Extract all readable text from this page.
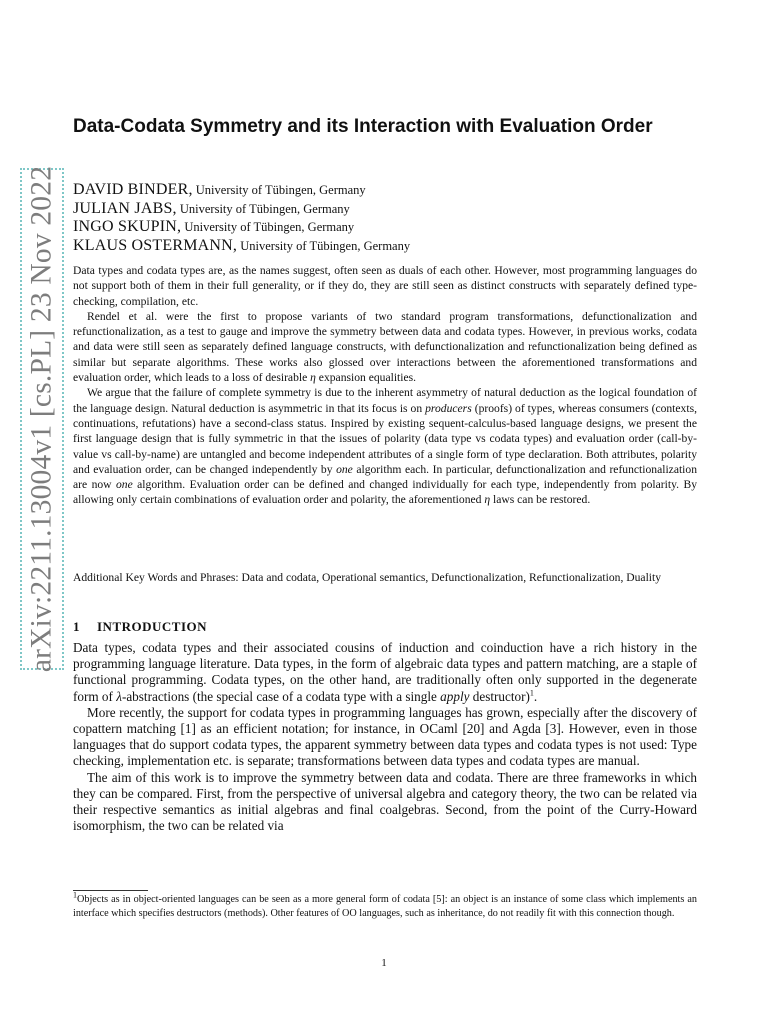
arXiv:2211.13004v1 [cs.PL] 23 Nov 2022
Data-Codata Symmetry and its Interaction with Evaluation Order
DAVID BINDER, University of Tübingen, Germany
JULIAN JABS, University of Tübingen, Germany
INGO SKUPIN, University of Tübingen, Germany
KLAUS OSTERMANN, University of Tübingen, Germany

Data types and codata types are, as the names suggest, often seen as duals of each other. However, most programming languages do not support both of them in their full generality, or if they do, they are still seen as distinct constructs with separately defined type-checking, compilation, etc.

Rendel et al. were the first to propose variants of two standard program transformations, defunctionalization and refunctionalization, as a test to gauge and improve the symmetry between data and codata types. However, in previous works, codata and data were still seen as separately defined language constructs, with defunctionalization and refunctionalization being defined as similar but separate algorithms. These works also glossed over interactions between the aforementioned transformations and evaluation order, which leads to a loss of desirable η expansion equalities.

We argue that the failure of complete symmetry is due to the inherent asymmetry of natural deduction as the logical foundation of the language design. Natural deduction is asymmetric in that its focus is on producers (proofs) of types, whereas consumers (contexts, continuations, refutations) have a second-class status. Inspired by existing sequent-calculus-based language designs, we present the first language design that is fully symmetric in that the issues of polarity (data type vs codata types) and evaluation order (call-by-value vs call-by-name) are untangled and become independent attributes of a single form of type declaration. Both attributes, polarity and evaluation order, can be changed independently by one algorithm each. In particular, defunctionalization and refunctionalization are now one algorithm. Evaluation order can be defined and changed individually for each type, independently from polarity. By allowing only certain combinations of evaluation order and polarity, the aforementioned η laws can be restored.

Additional Key Words and Phrases: Data and codata, Operational semantics, Defunctionalization, Refunctionalization, Duality

1 INTRODUCTION

Data types, codata types and their associated cousins of induction and coinduction have a rich history in the programming language literature. Data types, in the form of algebraic data types and pattern matching, are a staple of functional programming. Codata types, on the other hand, are traditionally often only supported in the degenerate form of λ-abstractions (the special case of a codata type with a single apply destructor)$^1$.

More recently, the support for codata types in programming languages has grown, especially after the discovery of copattern matching [1] as an efficient notation; for instance, in OCaml [20] and Agda [3]. However, even in those languages that do support codata types, the apparent symmetry between data types and codata types is not used: Type checking, implementation etc. is separate; transformations between data types and codata types are manual.

The aim of this work is to improve the symmetry between data and codata. There are three frameworks in which they can be compared. First, from the perspective of universal algebra and category theory, the two can be related via their respective semantics as initial algebras and final coalgebras. Second, from the point of the Curry-Howard isomorphism, the two can be related via

$^1$Objects as in object-oriented languages can be seen as a more general form of codata [5]: an object is an instance of some class which implements an interface which specifies destructors (methods). Other features of OO languages, such as inheritance, do not readily fit with this connection though.

1
